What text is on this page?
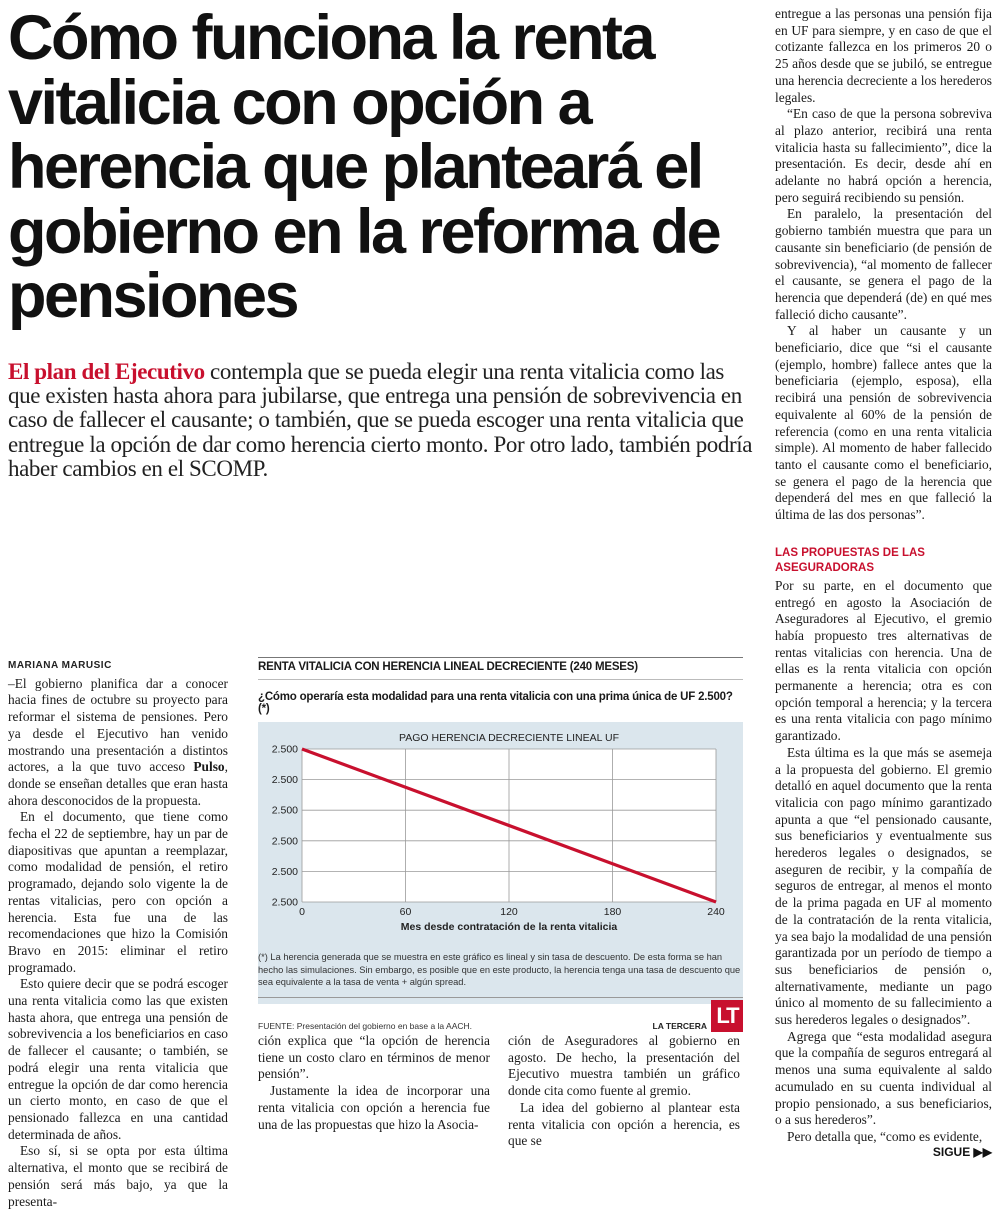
Cómo funciona la renta vitalicia con opción a herencia que planteará el gobierno en la reforma de pensiones
El plan del Ejecutivo contempla que se pueda elegir una renta vitalicia como las que existen hasta ahora para jubilarse, que entrega una pensión de sobrevivencia en caso de fallecer el causante; o también, que se pueda escoger una renta vitalicia que entregue la opción de dar como herencia cierto monto. Por otro lado, también podría haber cambios en el SCOMP.
MARIANA MARUSIC

–El gobierno planifica dar a conocer hacia fines de octubre su proyecto para reformar el sistema de pensiones. Pero ya desde el Ejecutivo han venido mostrando una presentación a distintos actores, a la que tuvo acceso Pulso, donde se enseñan detalles que eran hasta ahora desconocidos de la propuesta.

En el documento, que tiene como fecha el 22 de septiembre, hay un par de diapositivas que apuntan a reemplazar, como modalidad de pensión, el retiro programado, dejando solo vigente la de rentas vitalicias, pero con opción a herencia. Esta fue una de las recomendaciones que hizo la Comisión Bravo en 2015: eliminar el retiro programado.

Esto quiere decir que se podrá escoger una renta vitalicia como las que existen hasta ahora, que entrega una pensión de sobrevivencia a los beneficiarios en caso de fallecer el causante; o también, se podrá elegir una renta vitalicia que entregue la opción de dar como herencia un cierto monto, en caso de que el pensionado fallezca en una cantidad determinada de años.

Eso sí, si se opta por esta última alternativa, el monto que se recibirá de pensión será más bajo, ya que la presenta-

RENTA VITALICIA CON HERENCIA LINEAL DECRECIENTE (240 MESES)
¿Cómo operaría esta modalidad para una renta vitalicia con una prima única de UF 2.500? (*)
2.500
2.500
2.500
2.500
2.500
2.500
0	60	120	180	240
PAGO HERENCIA DECRECIENTE LINEAL UF
Mes desde contratación de la renta vitalicia
(*) La herencia generada que se muestra en este gráfico es lineal y sin tasa de descuento. De esta forma se han hecho las simulaciones. Sin embargo, es posible que en este producto, la herencia tenga una tasa de descuento que sea equivalente a la tasa de venta + algún spread.
FUENTE: Presentación del gobierno en base a la AACH.	LA TERCERA LT

ción explica que “la opción de herencia tiene un costo claro en términos de menor pensión”.

Justamente la idea de incorporar una renta vitalicia con opción a herencia fue una de las propuestas que hizo la Asocia-

ción de Aseguradores al gobierno en agosto. De hecho, la presentación del Ejecutivo muestra también un gráfico donde cita como fuente al gremio.

La idea del gobierno al plantear esta renta vitalicia con opción a herencia, es que se

entregue a las personas una pensión fija en UF para siempre, y en caso de que el cotizante fallezca en los primeros 20 o 25 años desde que se jubiló, se entregue una herencia decreciente a los herederos legales.

“En caso de que la persona sobreviva al plazo anterior, recibirá una renta vitalicia hasta su fallecimiento”, dice la presentación. Es decir, desde ahí en adelante no habrá opción a herencia, pero seguirá recibiendo su pensión.

En paralelo, la presentación del gobierno también muestra que para un causante sin beneficiario (de pensión de sobrevivencia), “al momento de fallecer el causante, se genera el pago de la herencia que dependerá (de) en qué mes falleció dicho causante”.

Y al haber un causante y un beneficiario, dice que “si el causante (ejemplo, hombre) fallece antes que la beneficiaria (ejemplo, esposa), ella recibirá una pensión de sobrevivencia equivalente al 60% de la pensión de referencia (como en una renta vitalicia simple). Al momento de haber fallecido tanto el causante como el beneficiario, se genera el pago de la herencia que dependerá del mes en que falleció la última de las dos personas”.

LAS PROPUESTAS DE LAS ASEGURADORAS

Por su parte, en el documento que entregó en agosto la Asociación de Aseguradores al Ejecutivo, el gremio había propuesto tres alternativas de rentas vitalicias con herencia. Una de ellas es la renta vitalicia con opción permanente a herencia; otra es con opción temporal a herencia; y la tercera es una renta vitalicia con pago mínimo garantizado.

Esta última es la que más se asemeja a la propuesta del gobierno. El gremio detalló en aquel documento que la renta vitalicia con pago mínimo garantizado apunta a que “el pensionado causante, sus beneficiarios y eventualmente sus herederos legales o designados, se aseguren de recibir, y la compañía de seguros de entregar, al menos el monto de la prima pagada en UF al momento de la contratación de la renta vitalicia, ya sea bajo la modalidad de una pensión garantizada por un período de tiempo a sus beneficiarios de pensión o, alternativamente, mediante un pago único al momento de su fallecimiento a sus herederos legales o designados”.

Agrega que “esta modalidad asegura que la compañía de seguros entregará al menos una suma equivalente al saldo acumulado en su cuenta individual al propio pensionado, a sus beneficiarios, o a sus herederos”.

Pero detalla que, “como es evidente,

SIGUE ▶▶
